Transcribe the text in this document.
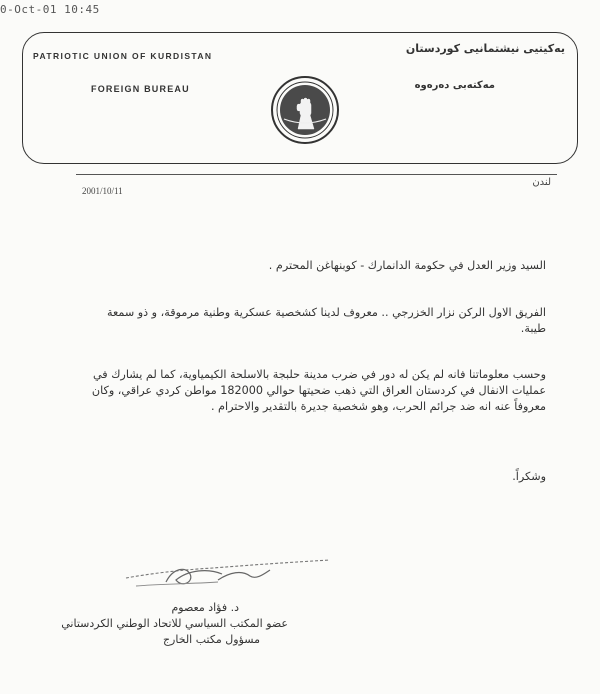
0-Oct-01 10:45
PATRIOTIC UNION OF KURDISTAN
FOREIGN BUREAU
یەکیتیی نیشتمانیی کوردستان
مەکتەبی دەرەوە
لندن
2001/10/11
السيد وزير العدل في حكومة الدانمارك - كوبنهاغن المحترم .
الفريق الاول الركن نزار الخزرجي .. معروف لدينا كشخصية عسكرية وطنية مرموقة، و ذو سمعة طيبة.
وحسب معلوماتنا فانه لم يكن له دور في ضرب مدينة حلبجة بالاسلحة الكيمياوية، كما لم يشارك في عمليات الانفال في كردستان العراق التي ذهب ضحيتها حوالي 182000 مواطن كردي عراقي، وكان معروفاً عنه انه ضد جرائم الحرب، وهو شخصية جديرة بالتقدير والاحترام .
وشكراً.
د. فؤاد معصوم
عضو المكتب السياسي للاتحاد الوطني الكردستاني
مسؤول مكتب الخارج
